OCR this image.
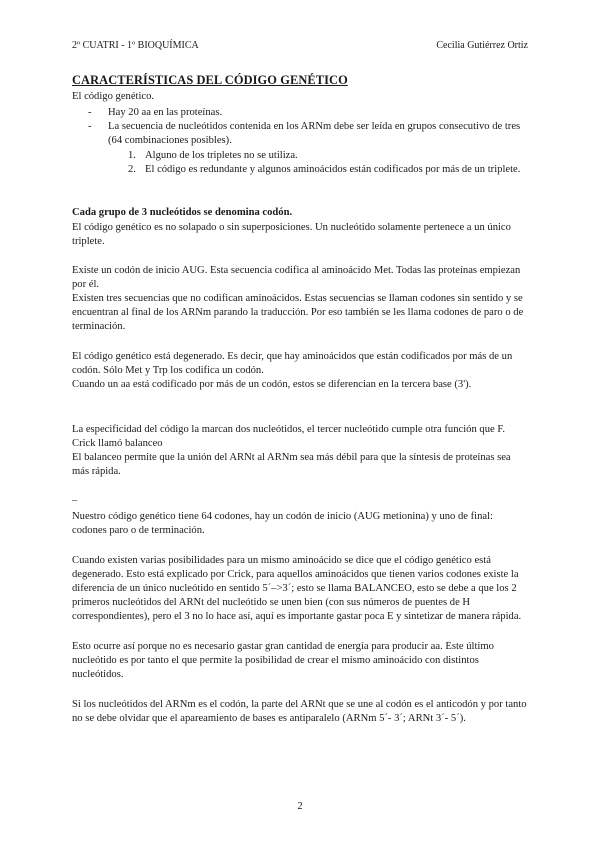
2º CUATRI - 1º BIOQUÍMICA	Cecilia Gutiérrez Ortiz
CARACTERÍSTICAS DEL CÓDIGO GENÉTICO
El código genético.
- Hay 20 aa en las proteínas.
- La secuencia de nucleótidos contenida en los ARNm debe ser leída en grupos consecutivo de tres (64 combinaciones posibles).
1. Alguno de los tripletes no se utiliza.
2. El código es redundante y algunos aminoácidos están codificados por más de un triplete.
Cada grupo de 3 nucleótidos se denomina codón.
El código genético es no solapado o sin superposiciones. Un nucleótido solamente pertenece a un único triplete.
Existe un codón de inicio AUG. Esta secuencia codifica al aminoácido Met. Todas las proteínas empiezan por él.
Existen tres secuencias que no codifican aminoácidos. Estas secuencias se llaman codones sin sentido y se encuentran al final de los ARNm parando la traducción. Por eso también se les llama codones de paro o de terminación.
El código genético está degenerado. Es decir, que hay aminoácidos que están codificados por más de un codón. Sólo Met y Trp los codifica un codón.
Cuando un aa está codificado por más de un codón, estos se diferencian en la tercera base (3').
La especificidad del código la marcan dos nucleótidos, el tercer nucleótido cumple otra función que F. Crick llamó balanceo
El balanceo permite que la unión del ARNt al ARNm sea más débil para que la síntesis de proteínas sea más rápida.
–
Nuestro código genético tiene 64 codones, hay un codón de inicio (AUG metionina) y uno de final: codones paro o de terminación.
Cuando existen varias posibilidades para un mismo aminoácido se dice que el código genético está degenerado. Esto está explicado por Crick, para aquellos aminoácidos que tienen varios codones existe la diferencia de un único nucleótido en sentido 5´–>3´; esto se llama BALANCEO, esto se debe a que los 2 primeros nucleótidos del ARNt del nucleótido se unen bien (con sus números de puentes de H correspondientes), pero el 3 no lo hace así, aquí es importante gastar poca E y sintetizar de manera rápida.
Esto ocurre así porque no es necesario gastar gran cantidad de energía para producir aa. Este último nucleótido es por tanto el que permite la posibilidad de crear el mismo aminoácido con distintos nucleótidos.
Si los nucleótidos del ARNm es el codón, la parte del ARNt que se une al codón es el anticodón y por tanto no se debe olvidar que el apareamiento de bases es antiparalelo (ARNm 5´- 3´; ARNt 3´- 5´).
2
